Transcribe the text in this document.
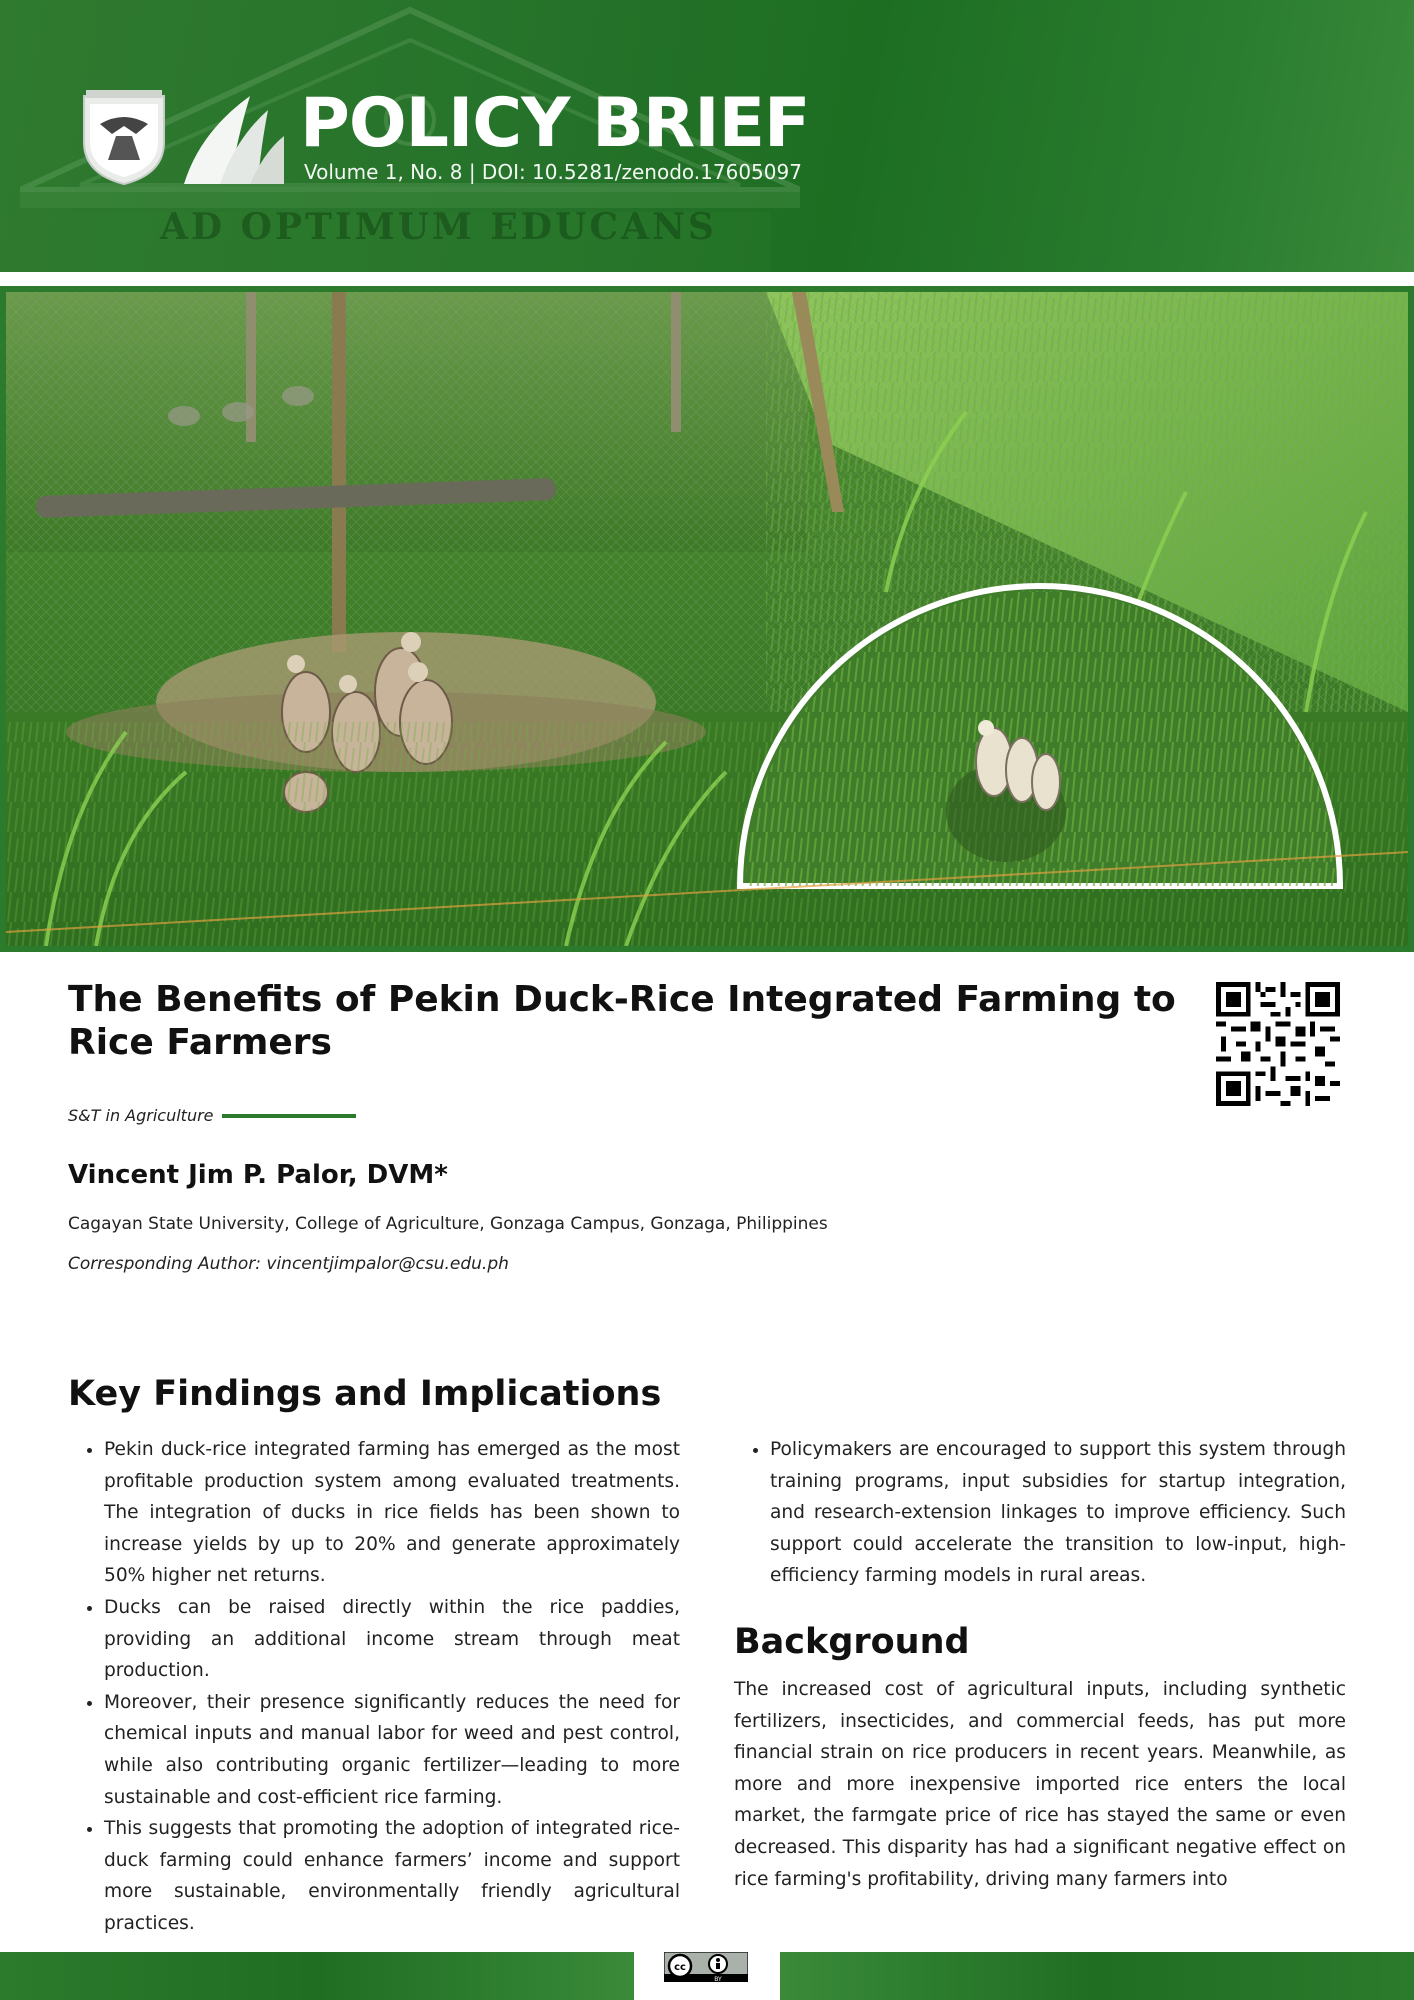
AD OPTIMUM EDUCANS
POLICY BRIEF
Volume 1, No. 8 | DOI: 10.5281/zenodo.17605097
The Benefits of Pekin Duck-Rice Integrated Farming to Rice Farmers
S&T in Agriculture
Vincent Jim P. Palor, DVM*
Cagayan State University, College of Agriculture, Gonzaga Campus, Gonzaga, Philippines
Corresponding Author: vincentjimpalor@csu.edu.ph
Key Findings and Implications
• Pekin duck-rice integrated farming has emerged as the most profitable production system among evaluated treatments. The integration of ducks in rice fields has been shown to increase yields by up to 20% and generate approximately 50% higher net returns.
• Ducks can be raised directly within the rice paddies, providing an additional income stream through meat production.
• Moreover, their presence significantly reduces the need for chemical inputs and manual labor for weed and pest control, while also contributing organic fertilizer—leading to more sustainable and cost-efficient rice farming.
• This suggests that promoting the adoption of integrated rice-duck farming could enhance farmers’ income and support more sustainable, environmentally friendly agricultural practices.
• Policymakers are encouraged to support this system through training programs, input subsidies for startup integration, and research-extension linkages to improve efficiency. Such support could accelerate the transition to low-input, high-efficiency farming models in rural areas.
Background

The increased cost of agricultural inputs, including synthetic fertilizers, insecticides, and commercial feeds, has put more financial strain on rice producers in recent years. Meanwhile, as more and more inexpensive imported rice enters the local market, the farmgate price of rice has stayed the same or even decreased. This disparity has had a significant negative effect on rice farming's profitability, driving many farmers into

cc
BY
